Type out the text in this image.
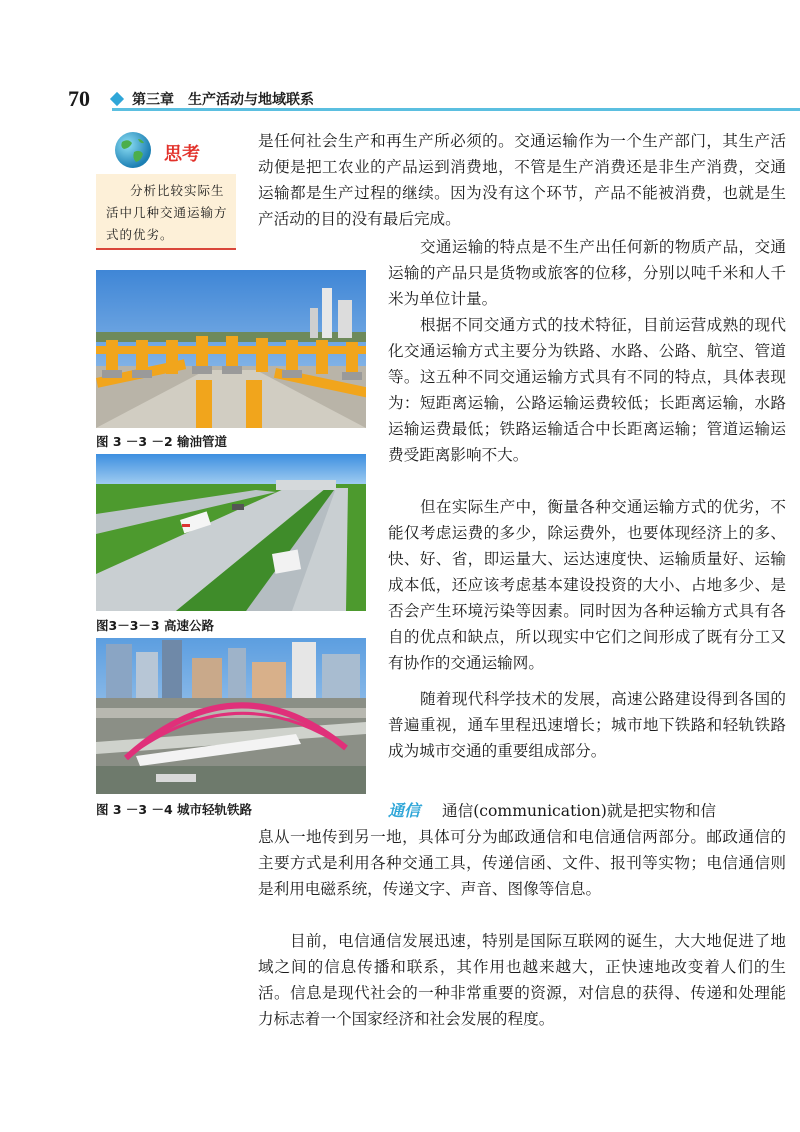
70	第三章　生产活动与地域联系
思考
分析比较实际生活中几种交通运输方式的优劣。
是任何社会生产和再生产所必须的。交通运输作为一个生产部门，其生产活动便是把工农业的产品运到消费地，不管是生产消费还是非生产消费，交通运输都是生产过程的继续。因为没有这个环节，产品不能被消费，也就是生产活动的目的没有最后完成。
交通运输的特点是不生产出任何新的物质产品，交通运输的产品只是货物或旅客的位移，分别以吨千米和人千米为单位计量。
根据不同交通方式的技术特征，目前运营成熟的现代化交通运输方式主要分为铁路、水路、公路、航空、管道等。这五种不同交通运输方式具有不同的特点，具体表现为：短距离运输，公路运输运费较低；长距离运输，水路运输运费最低；铁路运输适合中长距离运输；管道运输运费受距离影响不大。
但在实际生产中，衡量各种交通运输方式的优劣，不能仅考虑运费的多少，除运费外，也要体现经济上的多、快、好、省，即运量大、运达速度快、运输质量好、运输成本低，还应该考虑基本建设投资的大小、占地多少、是否会产生环境污染等因素。同时因为各种运输方式具有各自的优点和缺点，所以现实中它们之间形成了既有分工又有协作的交通运输网。
随着现代科学技术的发展，高速公路建设得到各国的普遍重视，通车里程迅速增长；城市地下铁路和轻轨铁路成为城市交通的重要组成部分。
通信 通信(communication)就是把实物和信
息从一地传到另一地，具体可分为邮政通信和电信通信两部分。邮政通信的主要方式是利用各种交通工具，传递信函、文件、报刊等实物；电信通信则是利用电磁系统，传递文字、声音、图像等信息。
目前，电信通信发展迅速，特别是国际互联网的诞生，大大地促进了地域之间的信息传播和联系，其作用也越来越大，正快速地改变着人们的生活。信息是现代社会的一种非常重要的资源，对信息的获得、传递和处理能力标志着一个国家经济和社会发展的程度。
图 3 －3 －2 输油管道
图3－3－3 高速公路
图 3 －3 －4 城市轻轨铁路
